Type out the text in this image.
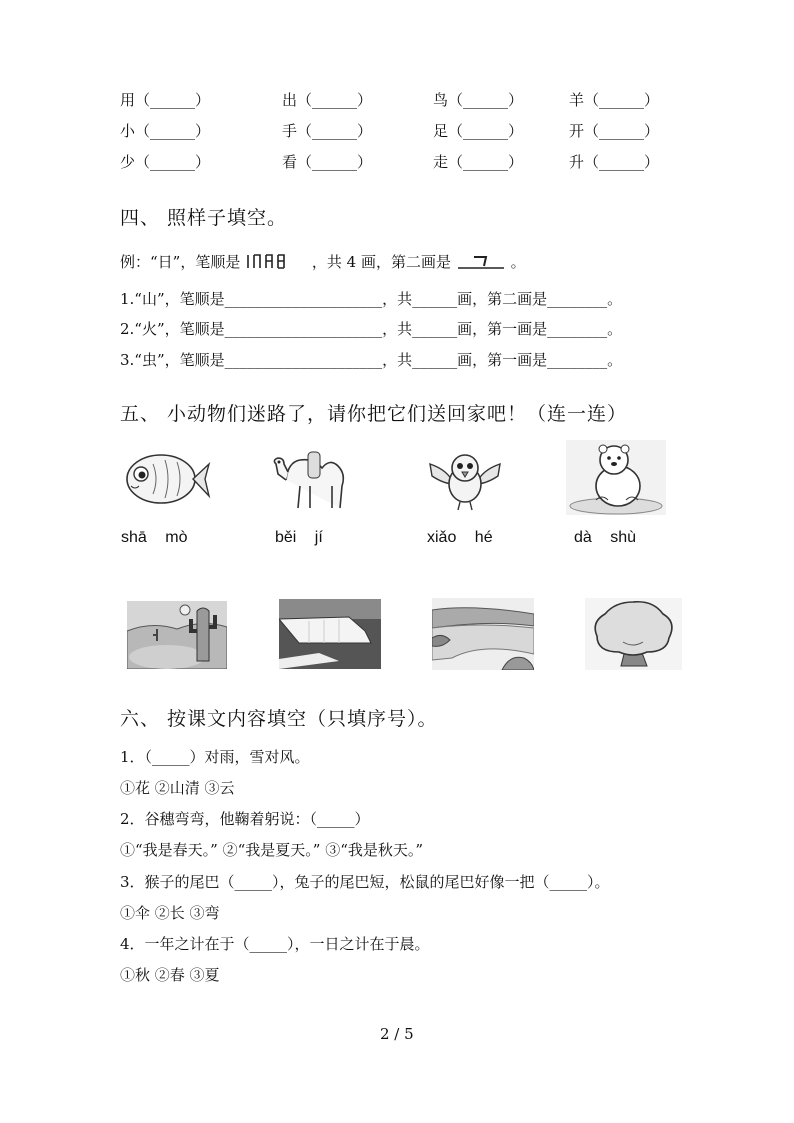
用（______）	出（______）	鸟（______）	羊（______）
小（______）	手（______）	足（______）	开（______）
少（______）	看（______）	走（______）	升（______）
四、 照样子填空。
例：“日”，笔顺是	，共 4 画，第二画是	。
1.“山”，笔顺是_____________________，共______画，第二画是________。
2.“火”，笔顺是_____________________，共______画，第一画是________。
3.“虫”，笔顺是_____________________，共______画，第一画是________。
五、 小动物们迷路了，请你把它们送回家吧！（连一连）
shā mò	běi jí	xiǎo hé	dà shù
六、 按课文内容填空（只填序号）。
1．（_____）对雨，雪对风。
①花 ②山清 ③云
2．谷穗弯弯，他鞠着躬说：（_____）
①“我是春天。” ②“我是夏天。” ③“我是秋天。”
3．猴子的尾巴（_____），兔子的尾巴短，松鼠的尾巴好像一把（_____）。
①伞 ②长 ③弯
4．一年之计在于（_____），一日之计在于晨。
①秋 ②春 ③夏
2 / 5
